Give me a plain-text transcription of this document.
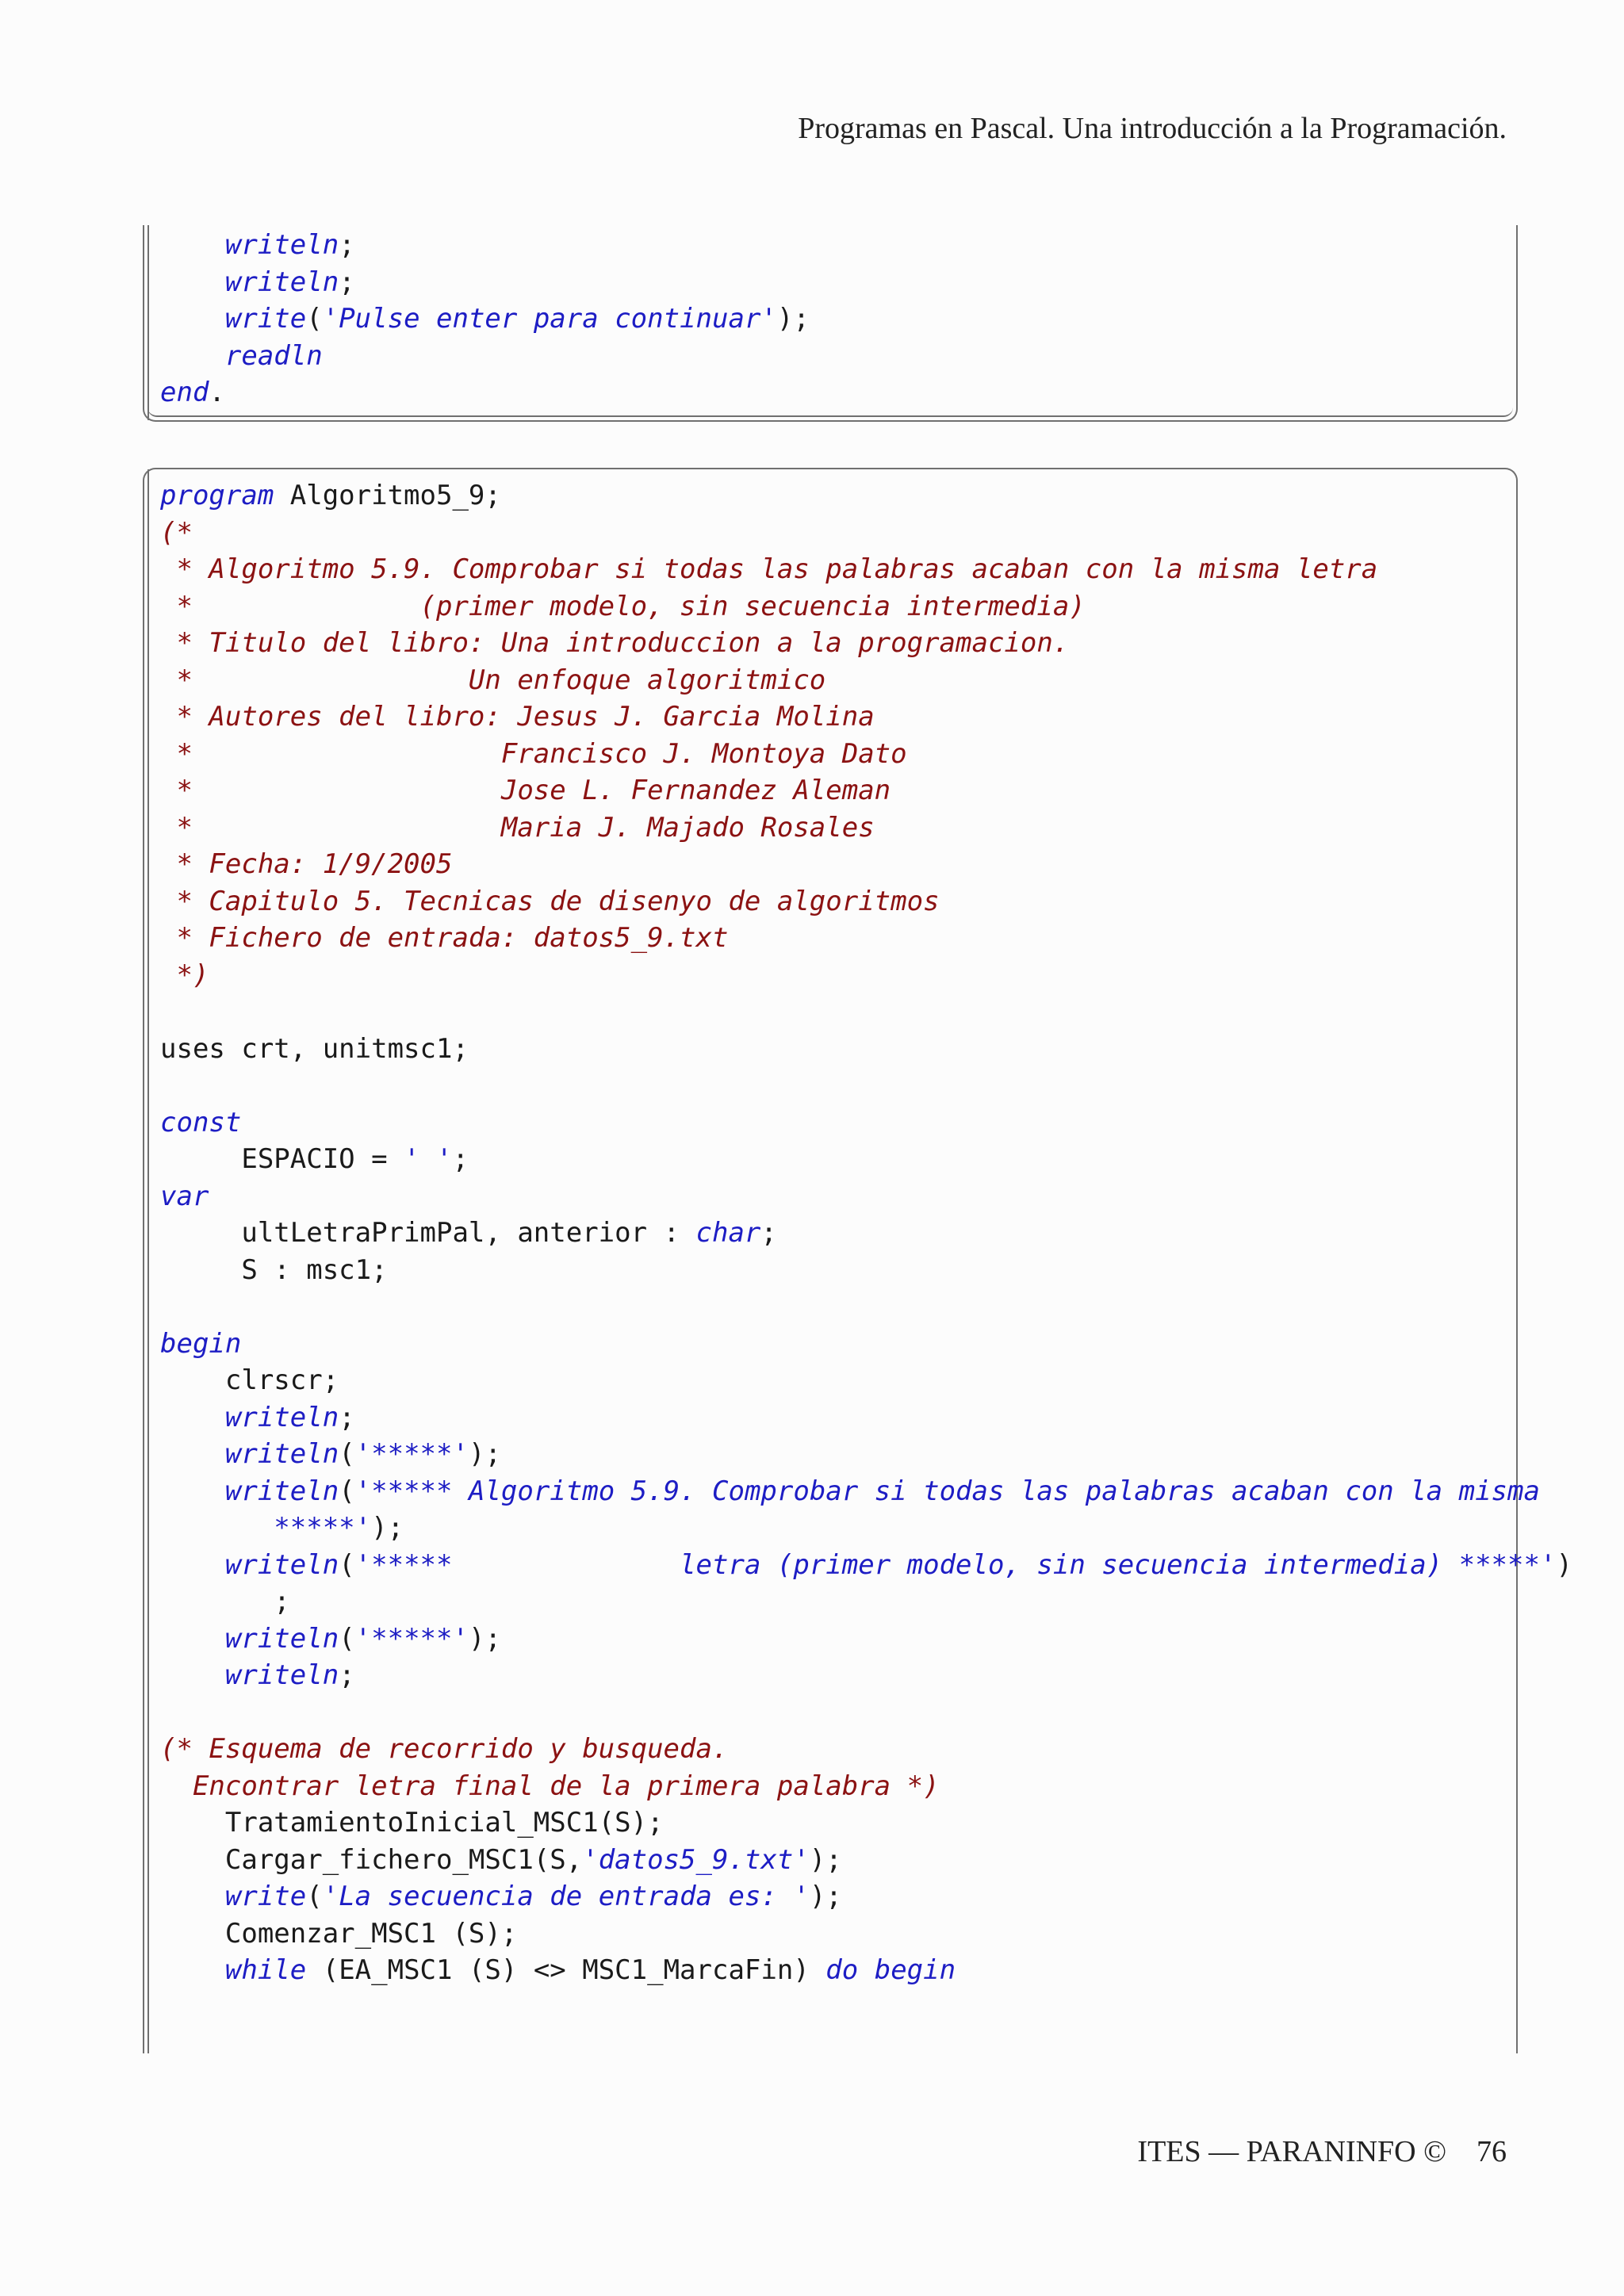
Programas en Pascal. Una introducción a la Programación.
writeln;
writeln;
write('Pulse enter para continuar');
readln
end.
program Algoritmo5_9;
(*
* Algoritmo 5.9. Comprobar si todas las palabras acaban con la misma letra
*              (primer modelo, sin secuencia intermedia)
* Titulo del libro: Una introduccion a la programacion.
*                 Un enfoque algoritmico
* Autores del libro: Jesus J. Garcia Molina
*                   Francisco J. Montoya Dato
*                   Jose L. Fernandez Aleman
*                   Maria J. Majado Rosales
* Fecha: 1/9/2005
* Capitulo 5. Tecnicas de disenyo de algoritmos
* Fichero de entrada: datos5_9.txt
*)
uses crt, unitmsc1;
const
ESPACIO = ' ';
var
ultLetraPrimPal, anterior : char;
S : msc1;
begin
clrscr;
writeln;
writeln('*****');
writeln('***** Algoritmo 5.9. Comprobar si todas las palabras acaban con la misma
*****');
writeln('*****              letra (primer modelo, sin secuencia intermedia) *****')
;
writeln('*****');
writeln;
(* Esquema de recorrido y busqueda.
Encontrar letra final de la primera palabra *)
TratamientoInicial_MSC1(S);
Cargar_fichero_MSC1(S,'datos5_9.txt');
write('La secuencia de entrada es: ');
Comenzar_MSC1 (S);
while (EA_MSC1 (S) <> MSC1_MarcaFin) do begin
ITES — PARANINFO © 76
